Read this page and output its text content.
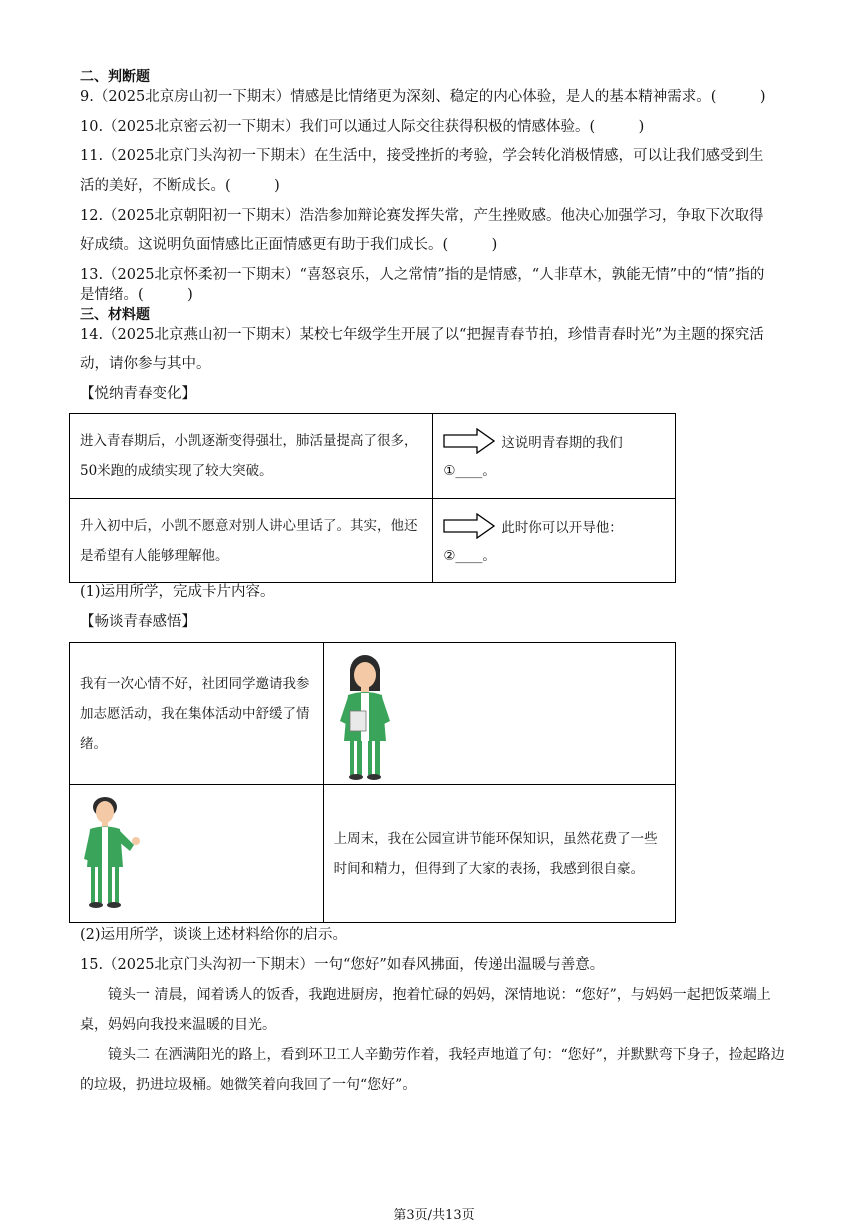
二、判断题
9.（2025北京房山初一下期末）情感是比情绪更为深刻、稳定的内心体验，是人的基本精神需求。(　　　)
10.（2025北京密云初一下期末）我们可以通过人际交往获得积极的情感体验。(　　　)
11.（2025北京门头沟初一下期末）在生活中，接受挫折的考验，学会转化消极情感，可以让我们感受到生
活的美好，不断成长。(　　　)
12.（2025北京朝阳初一下期末）浩浩参加辩论赛发挥失常，产生挫败感。他决心加强学习，争取下次取得
好成绩。这说明负面情感比正面情感更有助于我们成长。(　　　)
13.（2025北京怀柔初一下期末）“喜怒哀乐，人之常情”指的是情感，“人非草木，孰能无情”中的“情”指的
是情绪。(　　　)
三、材料题
14.（2025北京燕山初一下期末）某校七年级学生开展了以“把握青春节拍，珍惜青春时光”为主题的探究活
动，请你参与其中。
【悦纳青春变化】
进入青春期后，小凯逐渐变得强壮，肺活量提高了很多，50米跑的成绩实现了较大突破。	这说明青春期的我们
①____。

升入初中后，小凯不愿意对别人讲心里话了。其实，他还是希望有人能够理解他。	此时你可以开导他：
②____。
(1)运用所学，完成卡片内容。
【畅谈青春感悟】
我有一次心情不好，社团同学邀请我参加志愿活动，我在集体活动中舒缓了情绪。

上周末，我在公园宣讲节能环保知识，虽然花费了一些时间和精力，但得到了大家的表扬，我感到很自豪。
(2)运用所学，谈谈上述材料给你的启示。
15.（2025北京门头沟初一下期末）一句“您好”如春风拂面，传递出温暖与善意。
镜头一 清晨，闻着诱人的饭香，我跑进厨房，抱着忙碌的妈妈，深情地说：“您好”，与妈妈一起把饭菜端上桌，妈妈向我投来温暖的目光。
镜头二 在洒满阳光的路上，看到环卫工人辛勤劳作着，我轻声地道了句：“您好”，并默默弯下身子，捡起路边的垃圾，扔进垃圾桶。她微笑着向我回了一句“您好”。
第3页/共13页
